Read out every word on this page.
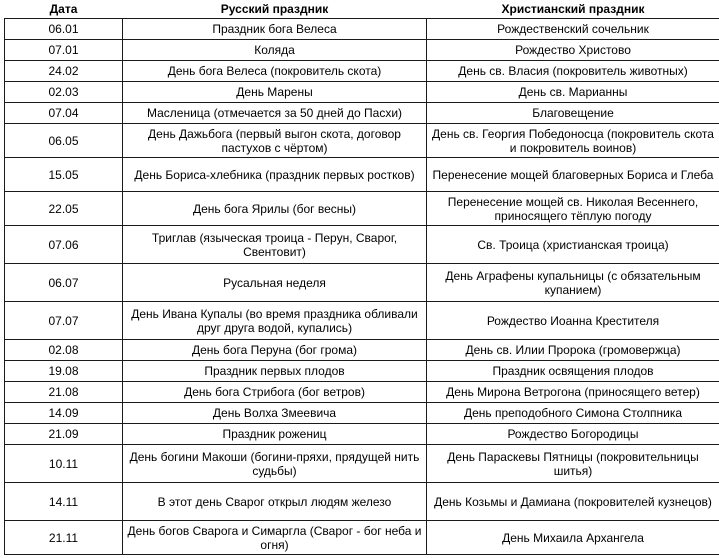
Дата	Русский праздник	Христианский праздник
06.01	Праздник бога Велеса	Рождественский сочельник
07.01	Коляда	Рождество Христово
24.02	День бога Велеса (покровитель скота)	День св. Власия (покровитель животных)
02.03	День Марены	День св. Марианны
07.04	Масленица (отмечается за 50 дней до Пасхи)	Благовещение
06.05	День Дажьбога (первый выгон скота, договор пастухов с чёртом)	День св. Георгия Победоносца (покровитель скота и покровитель воинов)
15.05	День Бориса-хлебника (праздник первых ростков)	Перенесение мощей благоверных Бориса и Глеба
22.05	День бога Ярилы (бог весны)	Перенесение мощей св. Николая Весеннего, приносящего тёплую погоду
07.06	Триглав (языческая троица - Перун, Сварог, Свентовит)	Св. Троица (христианская троица)
06.07	Русальная неделя	День Аграфены купальницы (с обязательным купанием)
07.07	День Ивана Купалы (во время праздника обливали друг друга водой, купались)	Рождество Иоанна Крестителя
02.08	День бога Перуна (бог грома)	День св. Илии Пророка (громовержца)
19.08	Праздник первых плодов	Праздник освящения плодов
21.08	День бога Стрибога (бог ветров)	День Мирона Ветрогона (приносящего ветер)
14.09	День Волха Змеевича	День преподобного Симона Столпника
21.09	Праздник рожениц	Рождество Богородицы
10.11	День богини Макоши (богини-пряхи, прядущей нить судьбы)	День Параскевы Пятницы (покровительницы шитья)
14.11	В этот день Сварог открыл людям железо	День Козьмы и Дамиана (покровителей кузнецов)
21.11	День богов Сварога и Симаргла (Сварог - бог неба и огня)	День Михаила Архангела
